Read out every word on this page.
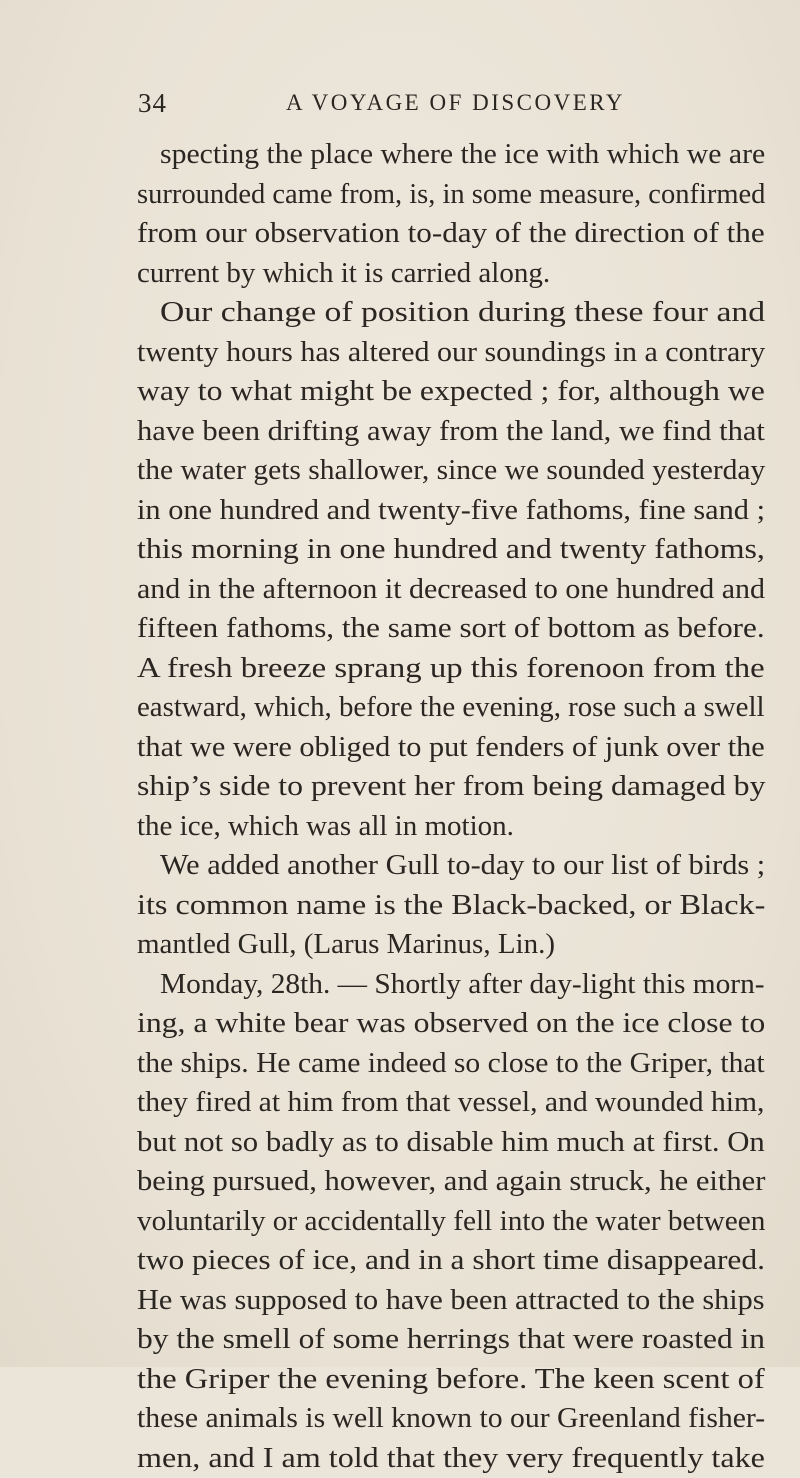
34	A VOYAGE OF DISCOVERY
specting the place where the ice with which we are
surrounded came from, is, in some measure, confirmed
from our observation to-day of the direction of the
current by which it is carried along.
Our change of position during these four and
twenty hours has altered our soundings in a contrary
way to what might be expected ; for, although we
have been drifting away from the land, we find that
the water gets shallower, since we sounded yesterday
in one hundred and twenty-five fathoms, fine sand ;
this morning in one hundred and twenty fathoms,
and in the afternoon it decreased to one hundred and
fifteen fathoms, the same sort of bottom as before.
A fresh breeze sprang up this forenoon from the
eastward, which, before the evening, rose such a swell
that we were obliged to put fenders of junk over the
ship’s side to prevent her from being damaged by
the ice, which was all in motion.
We added another Gull to-day to our list of birds ;
its common name is the Black-backed, or Black-
mantled Gull, (Larus Marinus, Lin.)
Monday, 28th. — Shortly after day-light this morn-
ing, a white bear was observed on the ice close to
the ships. He came indeed so close to the Griper, that
they fired at him from that vessel, and wounded him,
but not so badly as to disable him much at first. On
being pursued, however, and again struck, he either
voluntarily or accidentally fell into the water between
two pieces of ice, and in a short time disappeared.
He was supposed to have been attracted to the ships
by the smell of some herrings that were roasted in
the Griper the evening before. The keen scent of
these animals is well known to our Greenland fisher-
men, and I am told that they very frequently take
